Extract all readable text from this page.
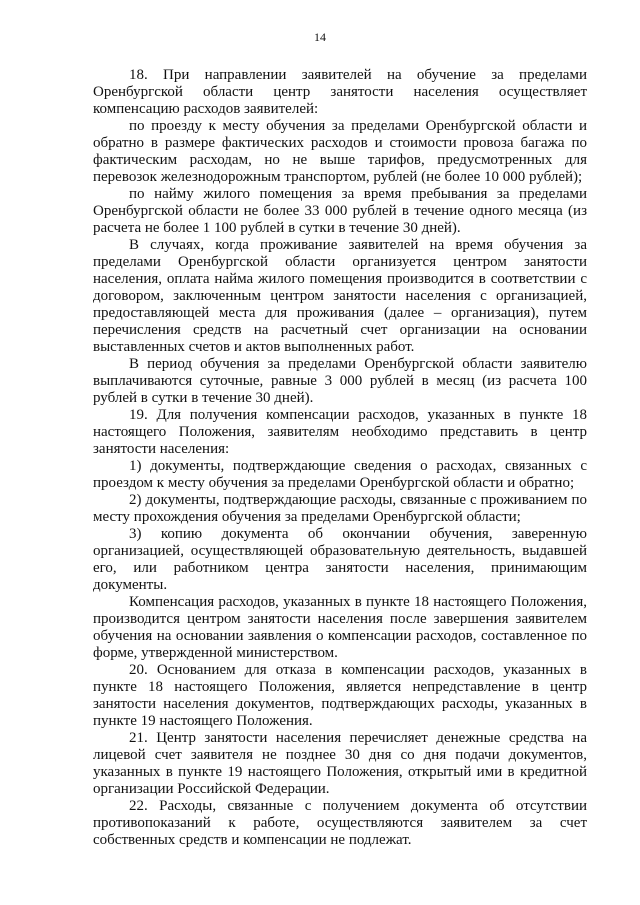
14

18. При направлении заявителей на обучение за пределами Оренбургской области центр занятости населения осуществляет компенсацию расходов заявителей:

по проезду к месту обучения за пределами Оренбургской области и обратно в размере фактических расходов и стоимости провоза багажа по фактическим расходам, но не выше тарифов, предусмотренных для перевозок железнодорожным транспортом, рублей (не более 10 000 рублей);

по найму жилого помещения за время пребывания за пределами Оренбургской области не более 33 000 рублей в течение одного месяца (из расчета не более 1 100 рублей в сутки в течение 30 дней).

В случаях, когда проживание заявителей на время обучения за пределами Оренбургской области организуется центром занятости населения, оплата найма жилого помещения производится в соответствии с договором, заключенным центром занятости населения с организацией, предоставляющей места для проживания (далее – организация), путем перечисления средств на расчетный счет организации на основании выставленных счетов и актов выполненных работ.

В период обучения за пределами Оренбургской области заявителю выплачиваются суточные, равные 3 000 рублей в месяц (из расчета 100 рублей в сутки в течение 30 дней).

19. Для получения компенсации расходов, указанных в пункте 18 настоящего Положения, заявителям необходимо представить в центр занятости населения:

1) документы, подтверждающие сведения о расходах, связанных с проездом к месту обучения за пределами Оренбургской области и обратно;

2) документы, подтверждающие расходы, связанные с проживанием по месту прохождения обучения за пределами Оренбургской области;

3) копию документа об окончании обучения, заверенную организацией, осуществляющей образовательную деятельность, выдавшей его, или работником центра занятости населения, принимающим документы.

Компенсация расходов, указанных в пункте 18 настоящего Положения, производится центром занятости населения после завершения заявителем обучения на основании заявления о компенсации расходов, составленное по форме, утвержденной министерством.

20. Основанием для отказа в компенсации расходов, указанных в пункте 18 настоящего Положения, является непредставление в центр занятости населения документов, подтверждающих расходы, указанных в пункте 19 настоящего Положения.

21. Центр занятости населения перечисляет денежные средства на лицевой счет заявителя не позднее 30 дня со дня подачи документов, указанных в пункте 19 настоящего Положения, открытый ими в кредитной организации Российской Федерации.

22. Расходы, связанные с получением документа об отсутствии противопоказаний к работе, осуществляются заявителем за счет собственных средств и компенсации не подлежат.
